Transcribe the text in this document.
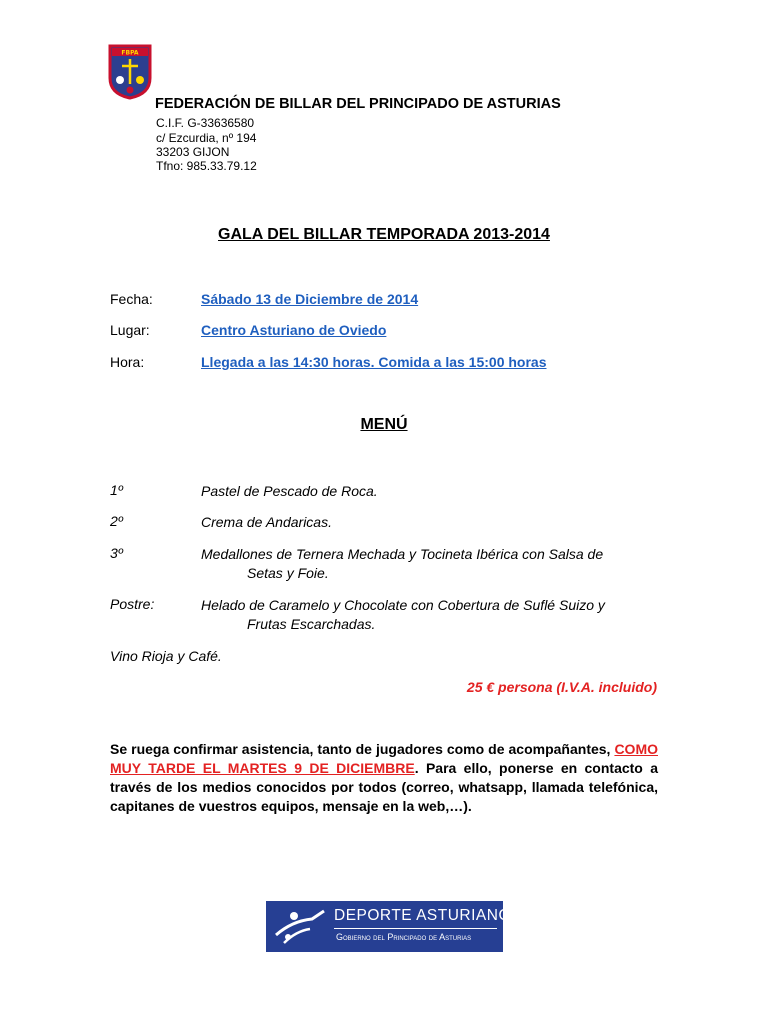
FBPA
FEDERACIÓN DE BILLAR DEL PRINCIPADO DE ASTURIAS
C.I.F. G-33636580
c/ Ezcurdia, nº 194
33203 GIJON
Tfno: 985.33.79.12
GALA DEL BILLAR TEMPORADA 2013-2014
Fecha:	Sábado 13 de Diciembre de 2014
Lugar:	Centro Asturiano de Oviedo
Hora:	Llegada a las 14:30 horas. Comida a las 15:00 horas
MENÚ
1º	Pastel de Pescado de Roca.
2º	Crema de Andaricas.
3º	Medallones de Ternera Mechada y Tocineta Ibérica con Salsa de
Setas y Foie.
Postre:	Helado de Caramelo y Chocolate con Cobertura de Suflé Suizo y
Frutas Escarchadas.
Vino Rioja y Café.
25 € persona (I.V.A. incluido)
Se ruega confirmar asistencia, tanto de jugadores como de acompañantes, COMO MUY TARDE EL MARTES 9 DE DICIEMBRE. Para ello, ponerse en contacto a través de los medios conocidos por todos (correo, whatsapp, llamada telefónica, capitanes de vuestros equipos, mensaje en la web,…).
DEPORTE ASTURIANO
Gobierno del Principado de Asturias
